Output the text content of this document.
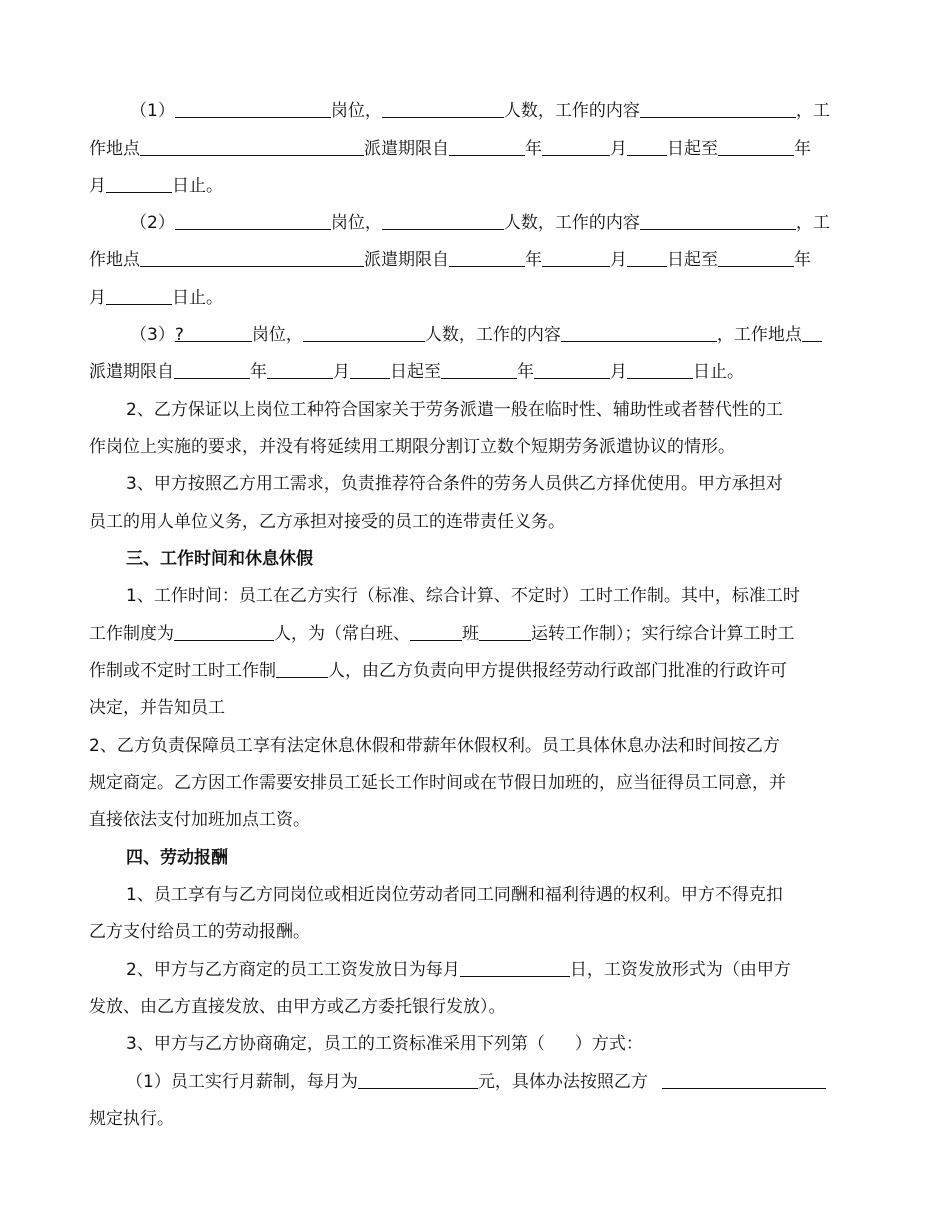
（1）	岗位，	人数，工作的内容	，工
作地点	派遣期限自	年	月 日起至	年
月	日止。
（2）	岗位，	人数，工作的内容	，工
作地点	派遣期限自	年	月 日起至	年
月	日止。
（3）?	岗位，	人数，工作的内容	，工作地点
派遣期限自	年	月 日起至	年	月	日止。
2、乙方保证以上岗位工种符合国家关于劳务派遣一般在临时性、辅助性或者替代性的工
作岗位上实施的要求，并没有将延续用工期限分割订立数个短期劳务派遣协议的情形。
3、甲方按照乙方用工需求，负责推荐符合条件的劳务人员供乙方择优使用。甲方承担对
员工的用人单位义务，乙方承担对接受的员工的连带责任义务。
三、工作时间和休息休假
1、工作时间：员工在乙方实行（标准、综合计算、不定时）工时工作制。其中，标准工时
工作制度为	人，为（常白班、	班	运转工作制）；实行综合计算工时工
作制或不定时工时工作制	人，由乙方负责向甲方提供报经劳动行政部门批准的行政许可
决定，并告知员工
2、乙方负责保障员工享有法定休息休假和带薪年休假权利。员工具体休息办法和时间按乙方
规定商定。乙方因工作需要安排员工延长工作时间或在节假日加班的，应当征得员工同意，并
直接依法支付加班加点工资。
四、劳动报酬
1、员工享有与乙方同岗位或相近岗位劳动者同工同酬和福利待遇的权利。甲方不得克扣
乙方支付给员工的劳动报酬。
2、甲方与乙方商定的员工工资发放日为每月	日，工资发放形式为（由甲方
发放、由乙方直接发放、由甲方或乙方委托银行发放）。
3、甲方与乙方协商确定，员工的工资标准采用下列第（ ）方式：
（1）员工实行月薪制，每月为	元，具体办法按照乙方
规定执行。
